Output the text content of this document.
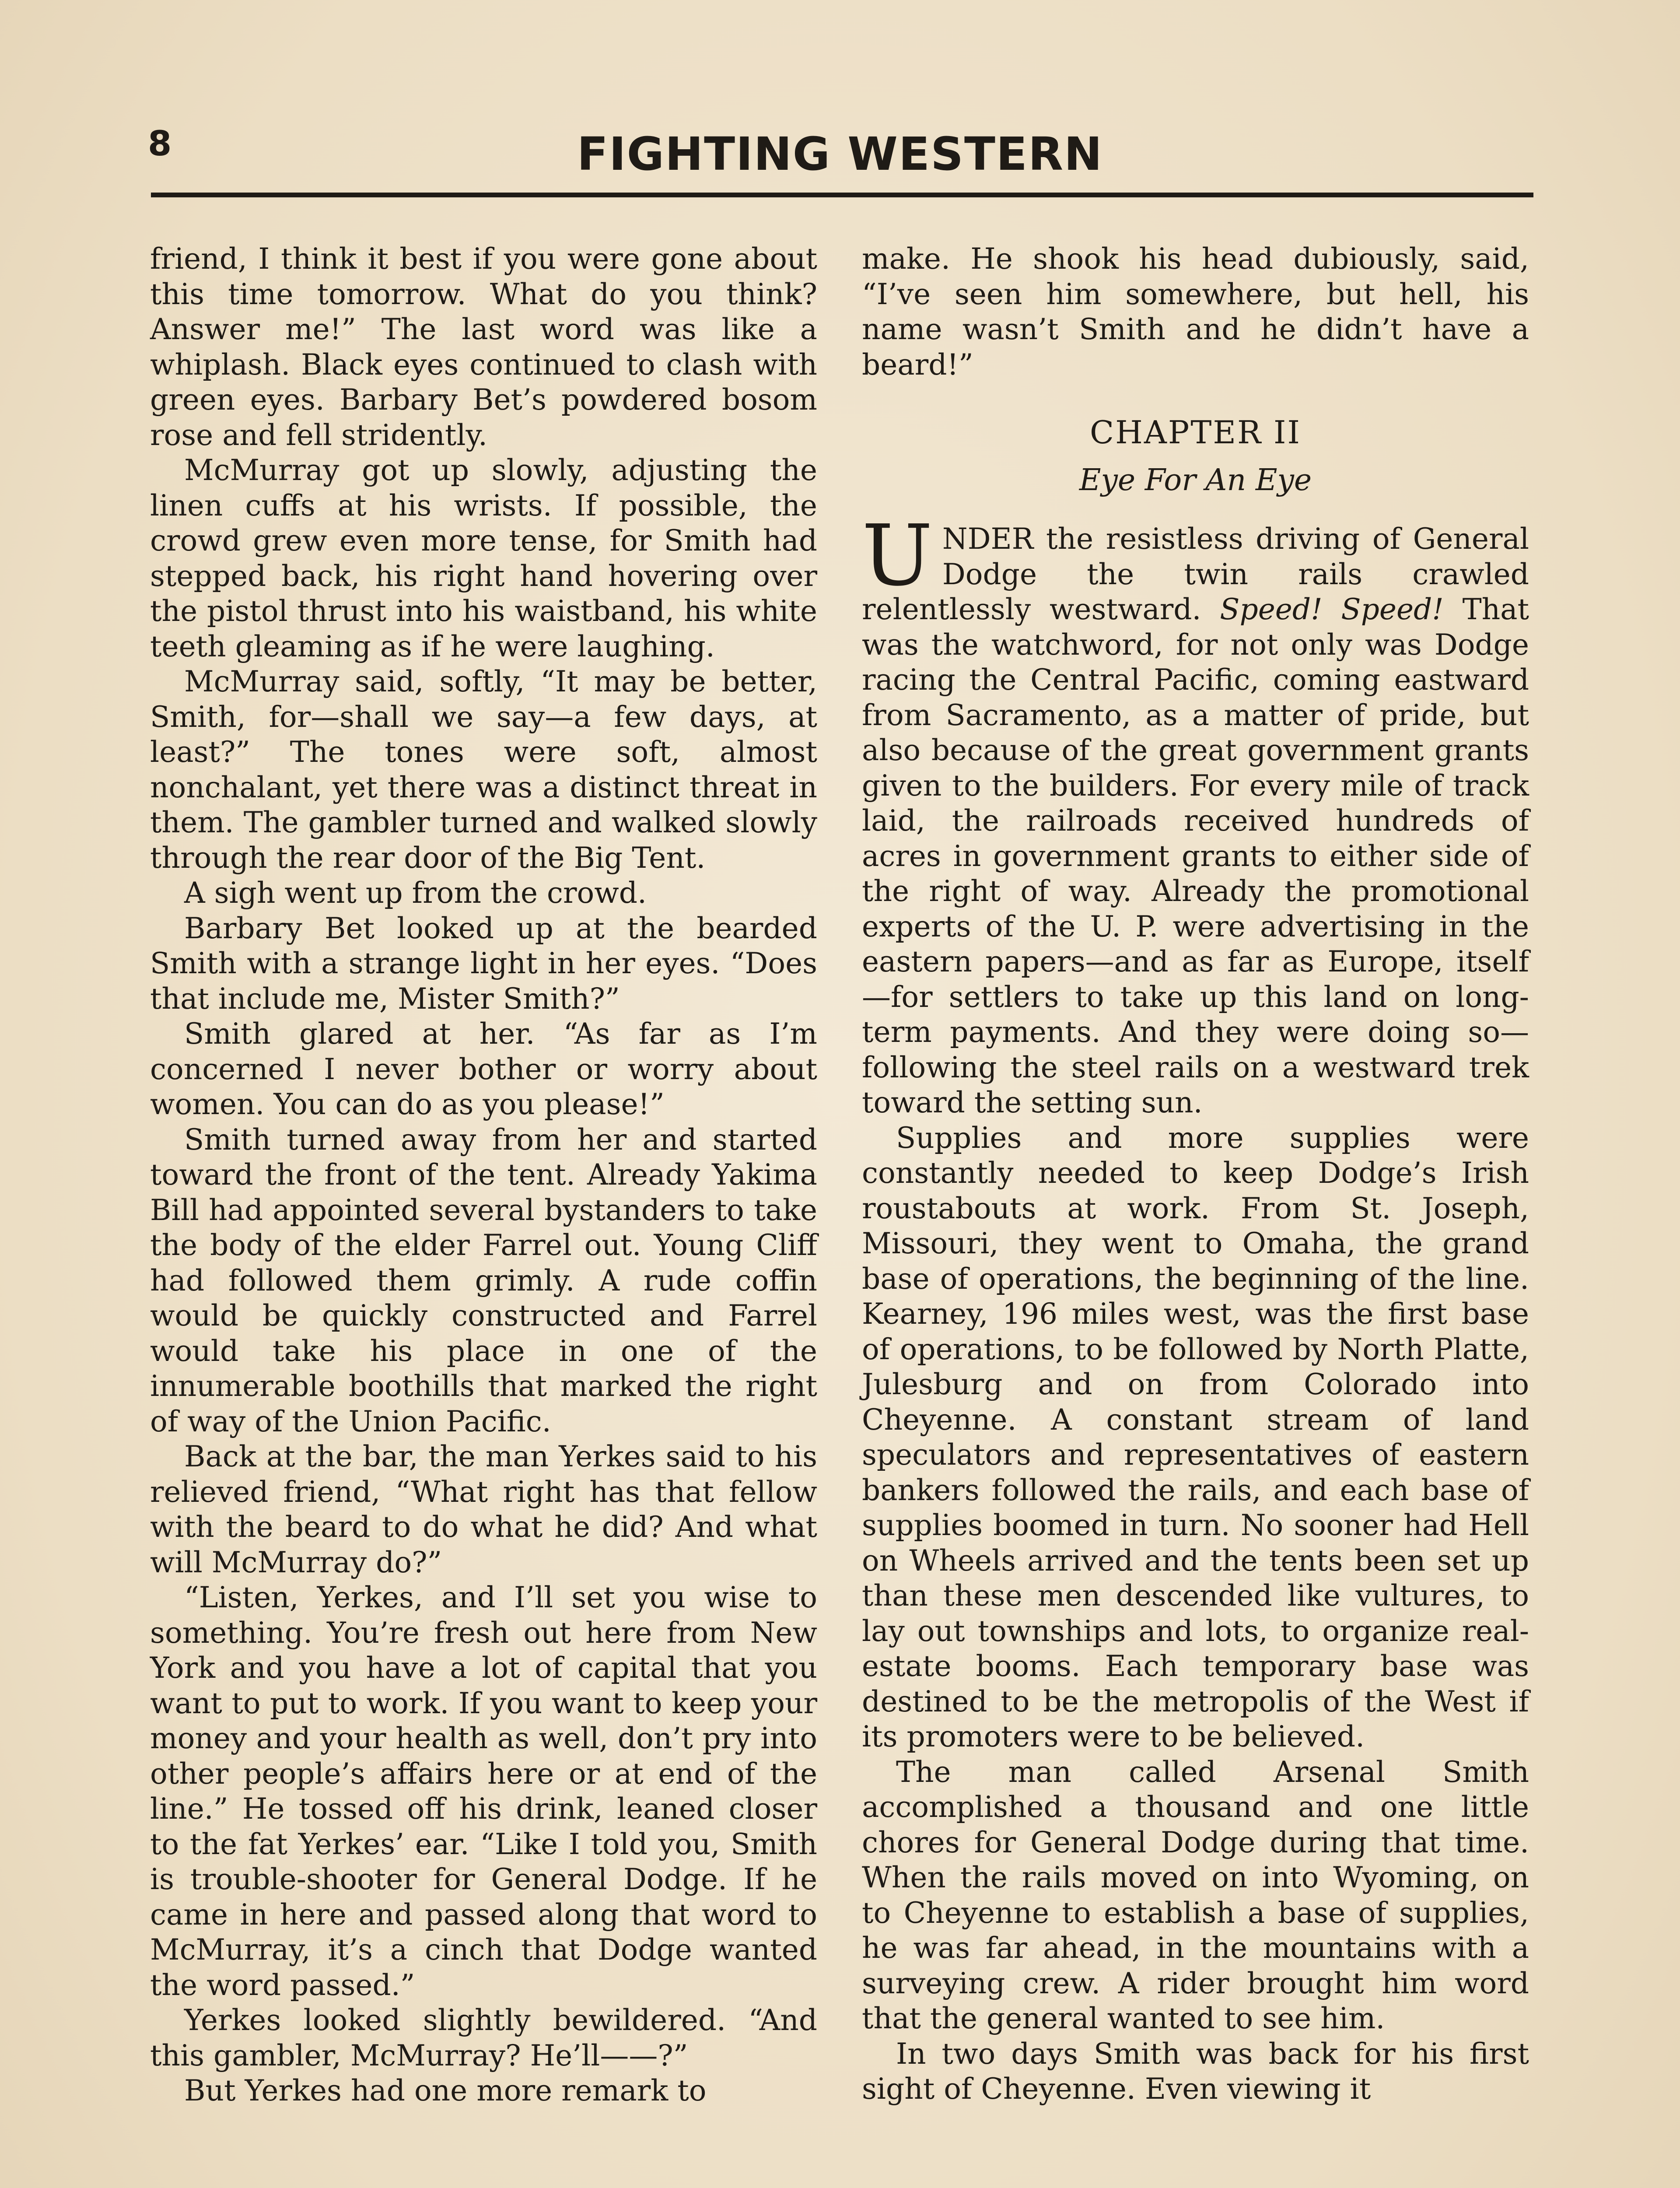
8	FIGHTING WESTERN

friend, I think it best if you were gone about this time tomorrow. What do you think? Answer me!” The last word was like a whiplash. Black eyes continued to clash with green eyes. Barbary Bet’s powdered bosom rose and fell stridently.

McMurray got up slowly, adjusting the linen cuffs at his wrists. If possible, the crowd grew even more tense, for Smith had stepped back, his right hand hovering over the pistol thrust into his waistband, his white teeth gleaming as if he were laughing.

McMurray said, softly, “It may be better, Smith, for—shall we say—a few days, at least?” The tones were soft, almost nonchalant, yet there was a distinct threat in them. The gambler turned and walked slowly through the rear door of the Big Tent.

A sigh went up from the crowd.

Barbary Bet looked up at the bearded Smith with a strange light in her eyes. “Does that include me, Mister Smith?”

Smith glared at her. “As far as I’m concerned I never bother or worry about women. You can do as you please!”

Smith turned away from her and started toward the front of the tent. Already Yakima Bill had appointed several bystanders to take the body of the elder Farrel out. Young Cliff had followed them grimly. A rude coffin would be quickly constructed and Farrel would take his place in one of the innumerable boothills that marked the right of way of the Union Pacific.

Back at the bar, the man Yerkes said to his relieved friend, “What right has that fellow with the beard to do what he did? And what will McMurray do?”

“Listen, Yerkes, and I’ll set you wise to something. You’re fresh out here from New York and you have a lot of capital that you want to put to work. If you want to keep your money and your health as well, don’t pry into other people’s affairs here or at end of the line.” He tossed off his drink, leaned closer to the fat Yerkes’ ear. “Like I told you, Smith is trouble-shooter for General Dodge. If he came in here and passed along that word to McMurray, it’s a cinch that Dodge wanted the word passed.”

Yerkes looked slightly bewildered. “And this gambler, McMurray? He’ll——?”

But Yerkes had one more remark to

make. He shook his head dubiously, said, “I’ve seen him somewhere, but hell, his name wasn’t Smith and he didn’t have a beard!”

CHAPTER II
Eye For An Eye

UNDER the resistless driving of General Dodge the twin rails crawled relentlessly westward. Speed! Speed! That was the watchword, for not only was Dodge racing the Central Pacific, coming eastward from Sacramento, as a matter of pride, but also because of the great government grants given to the builders. For every mile of track laid, the railroads received hundreds of acres in government grants to either side of the right of way. Already the promotional experts of the U. P. were advertising in the eastern papers—and as far as Europe, itself—for settlers to take up this land on long-term payments. And they were doing so—following the steel rails on a westward trek toward the setting sun.

Supplies and more supplies were constantly needed to keep Dodge’s Irish roustabouts at work. From St. Joseph, Missouri, they went to Omaha, the grand base of operations, the beginning of the line. Kearney, 196 miles west, was the first base of operations, to be followed by North Platte, Julesburg and on from Colorado into Cheyenne. A constant stream of land speculators and representatives of eastern bankers followed the rails, and each base of supplies boomed in turn. No sooner had Hell on Wheels arrived and the tents been set up than these men descended like vultures, to lay out townships and lots, to organize real-estate booms. Each temporary base was destined to be the metropolis of the West if its promoters were to be believed.

The man called Arsenal Smith accomplished a thousand and one little chores for General Dodge during that time. When the rails moved on into Wyoming, on to Cheyenne to establish a base of supplies, he was far ahead, in the mountains with a surveying crew. A rider brought him word that the general wanted to see him.

In two days Smith was back for his first sight of Cheyenne. Even viewing it
